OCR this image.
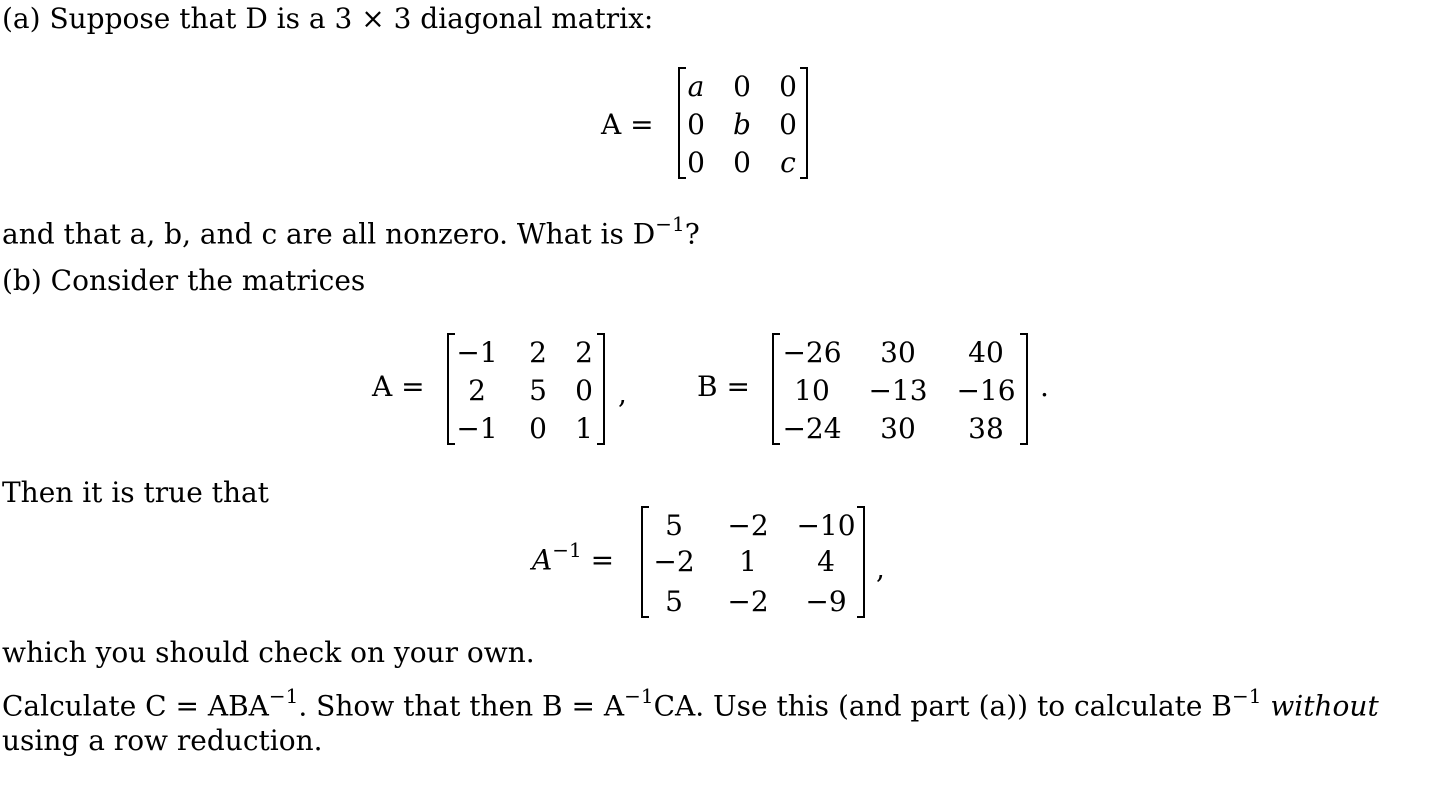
(a) Suppose that D is a 3 × 3 diagonal matrix:
A =
a	0	0
0	b	0
0	0	c
and that a, b, and c are all nonzero. What is $D^{-1}$?
(b) Consider the matrices
A =	,	B =	.
Then it is true that
$A^{-1}$ =	,
−1	2	2
2	5	0
−1	0	1
−26	30	40
10	−13 −16
−24	30	38
5	−2 −10
−2	1	4
5	−2	−9
which you should check on your own.
Calculate $C = ABA^{-1}$. Show that then $B = A^{-1}CA$. Use this (and part (a)) to calculate $B^{-1}$ without
using a row reduction.
